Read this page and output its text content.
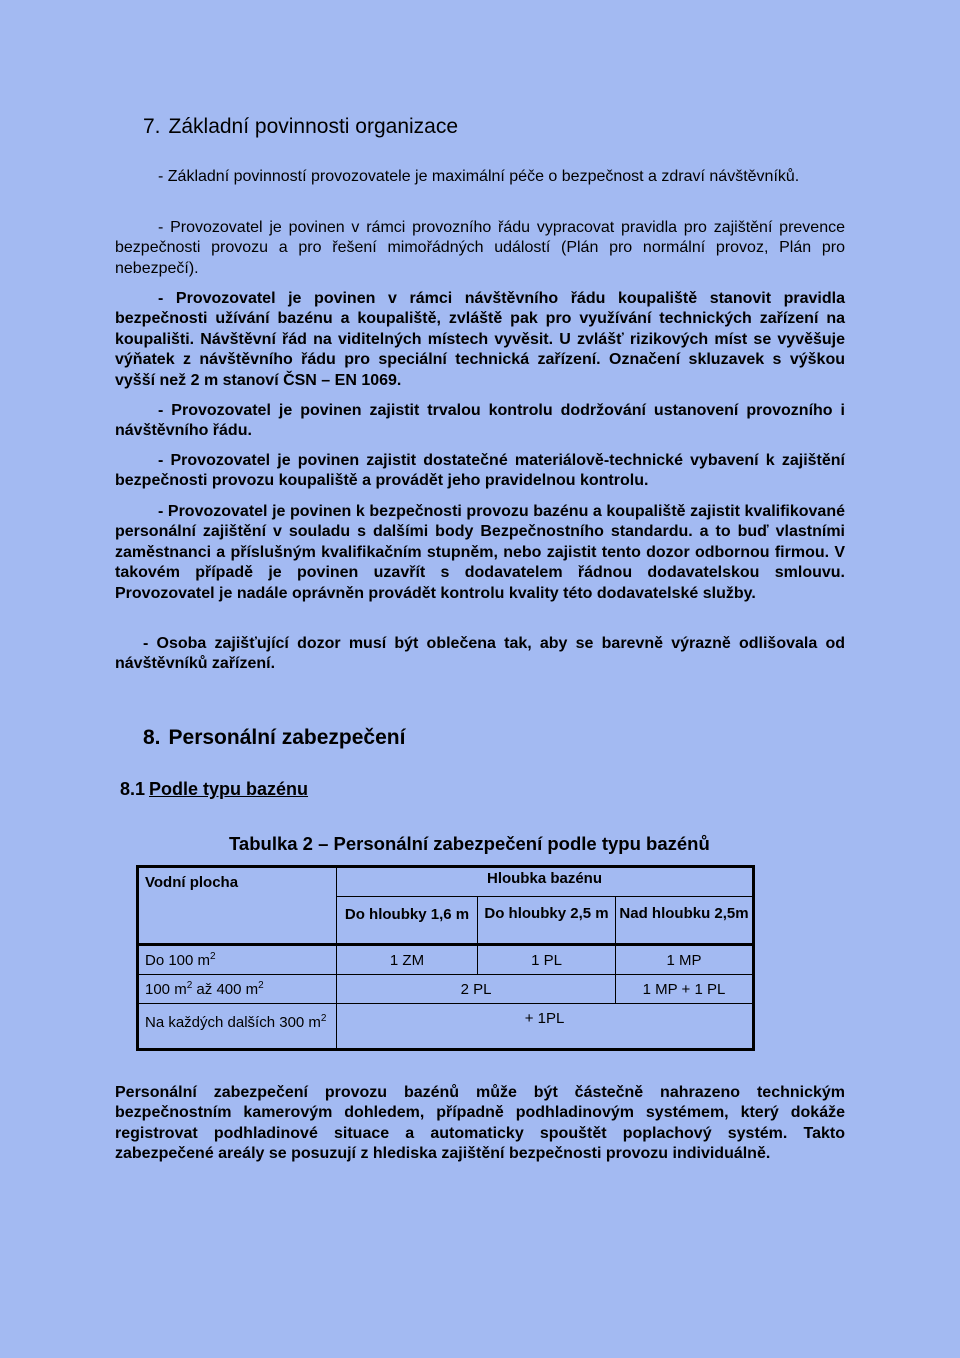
7. Základní povinnosti organizace

- Základní povinností provozovatele je maximální péče o bezpečnost a zdraví návštěvníků.

- Provozovatel je povinen v rámci provozního řádu vypracovat pravidla pro zajištění prevence bezpečnosti provozu a pro řešení mimořádných událostí (Plán pro normální provoz, Plán pro nebezpečí).

- Provozovatel je povinen v rámci návštěvního řádu koupaliště stanovit pravidla bezpečnosti užívání bazénu a koupaliště, zvláště pak pro využívání technických zařízení na koupališti. Návštěvní řád na viditelných místech vyvěsit. U zvlášť rizikových míst se vyvěšuje výňatek z návštěvního řádu pro speciální technická zařízení. Označení skluzavek s výškou vyšší než 2 m stanoví ČSN – EN 1069.

- Provozovatel je povinen zajistit trvalou kontrolu dodržování ustanovení provozního i návštěvního řádu.

- Provozovatel je povinen zajistit dostatečné materiálově-technické vybavení k zajištění bezpečnosti provozu koupaliště a provádět jeho pravidelnou kontrolu.

- Provozovatel je povinen k bezpečnosti provozu bazénu a koupaliště zajistit kvalifikované personální zajištění v souladu s dalšími body Bezpečnostního standardu. a to buď vlastními zaměstnanci a příslušným kvalifikačním stupněm, nebo zajistit tento dozor odbornou firmou. V takovém případě je povinen uzavřít s dodavatelem řádnou dodavatelskou smlouvu. Provozovatel je nadále oprávněn provádět kontrolu kvality této dodavatelské služby.

- Osoba zajišťující dozor musí být oblečena tak, aby se barevně výrazně odlišovala od návštěvníků zařízení.

8. Personální zabezpečení

8.1 Podle typu bazénu

Tabulka 2 – Personální zabezpečení podle typu bazénů

Vodní plocha	Hloubka bazénu		
	Do hloubky 1,6 m	Do hloubky 2,5 m	Nad hloubku 2,5m
Do 100 $m^2$	1 ZM	1 PL	1 MP
100 $m^2$ až 400 $m^2$	2 PL		1 MP + 1 PL
Na každých dalších 300 $m^2$	+ 1PL		

Personální zabezpečení provozu bazénů může být částečně nahrazeno technickým bezpečnostním kamerovým dohledem, případně podhladinovým systémem, který dokáže registrovat podhladinové situace a automaticky spouštět poplachový systém. Takto zabezpečené areály se posuzují z hlediska zajištění bezpečnosti provozu individuálně.
